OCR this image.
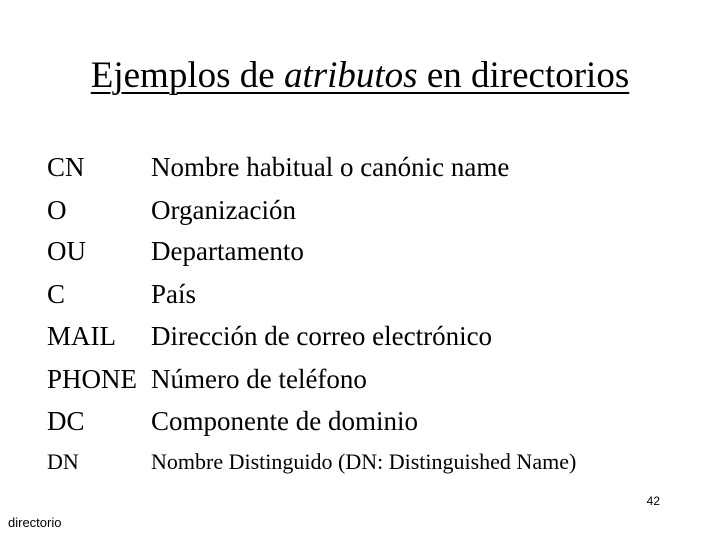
Ejemplos de atributos en directorios
CN Nombre habitual o canónic name
O	Organización
OU Departamento
C	País
MAIL Dirección de correo electrónico
PHONE Número de teléfono
DC Componente de dominio
DN	Nombre Distinguido (DN: Distinguished Name)
42
directorio
